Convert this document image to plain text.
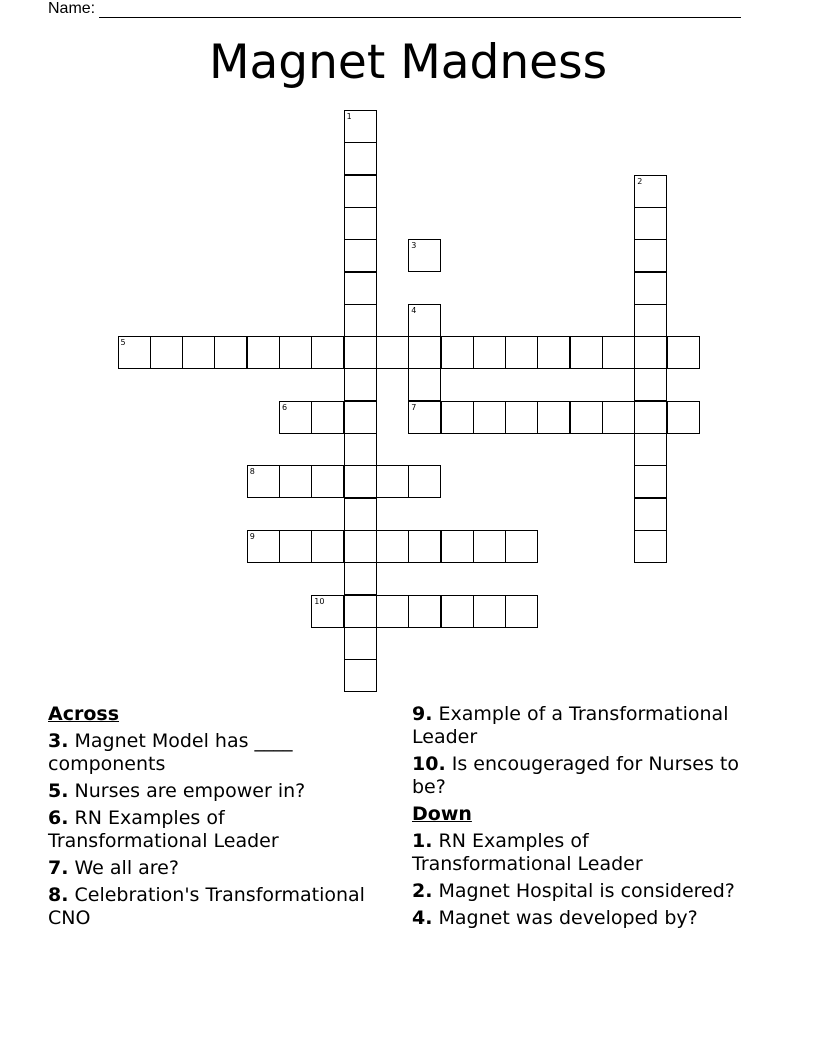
Name:
Magnet Madness
1
2
3
4
7
5
6
8
9
10
Across
3. Magnet Model has ____ components
5. Nurses are empower in?
6. RN Examples of Transformational Leader
7. We all are?
8. Celebration's Transformational CNO
9. Example of a Transformational Leader
10. Is encougeraged for Nurses to be?
Down
1. RN Examples of Transformational Leader
2. Magnet Hospital is considered?
4. Magnet was developed by?
